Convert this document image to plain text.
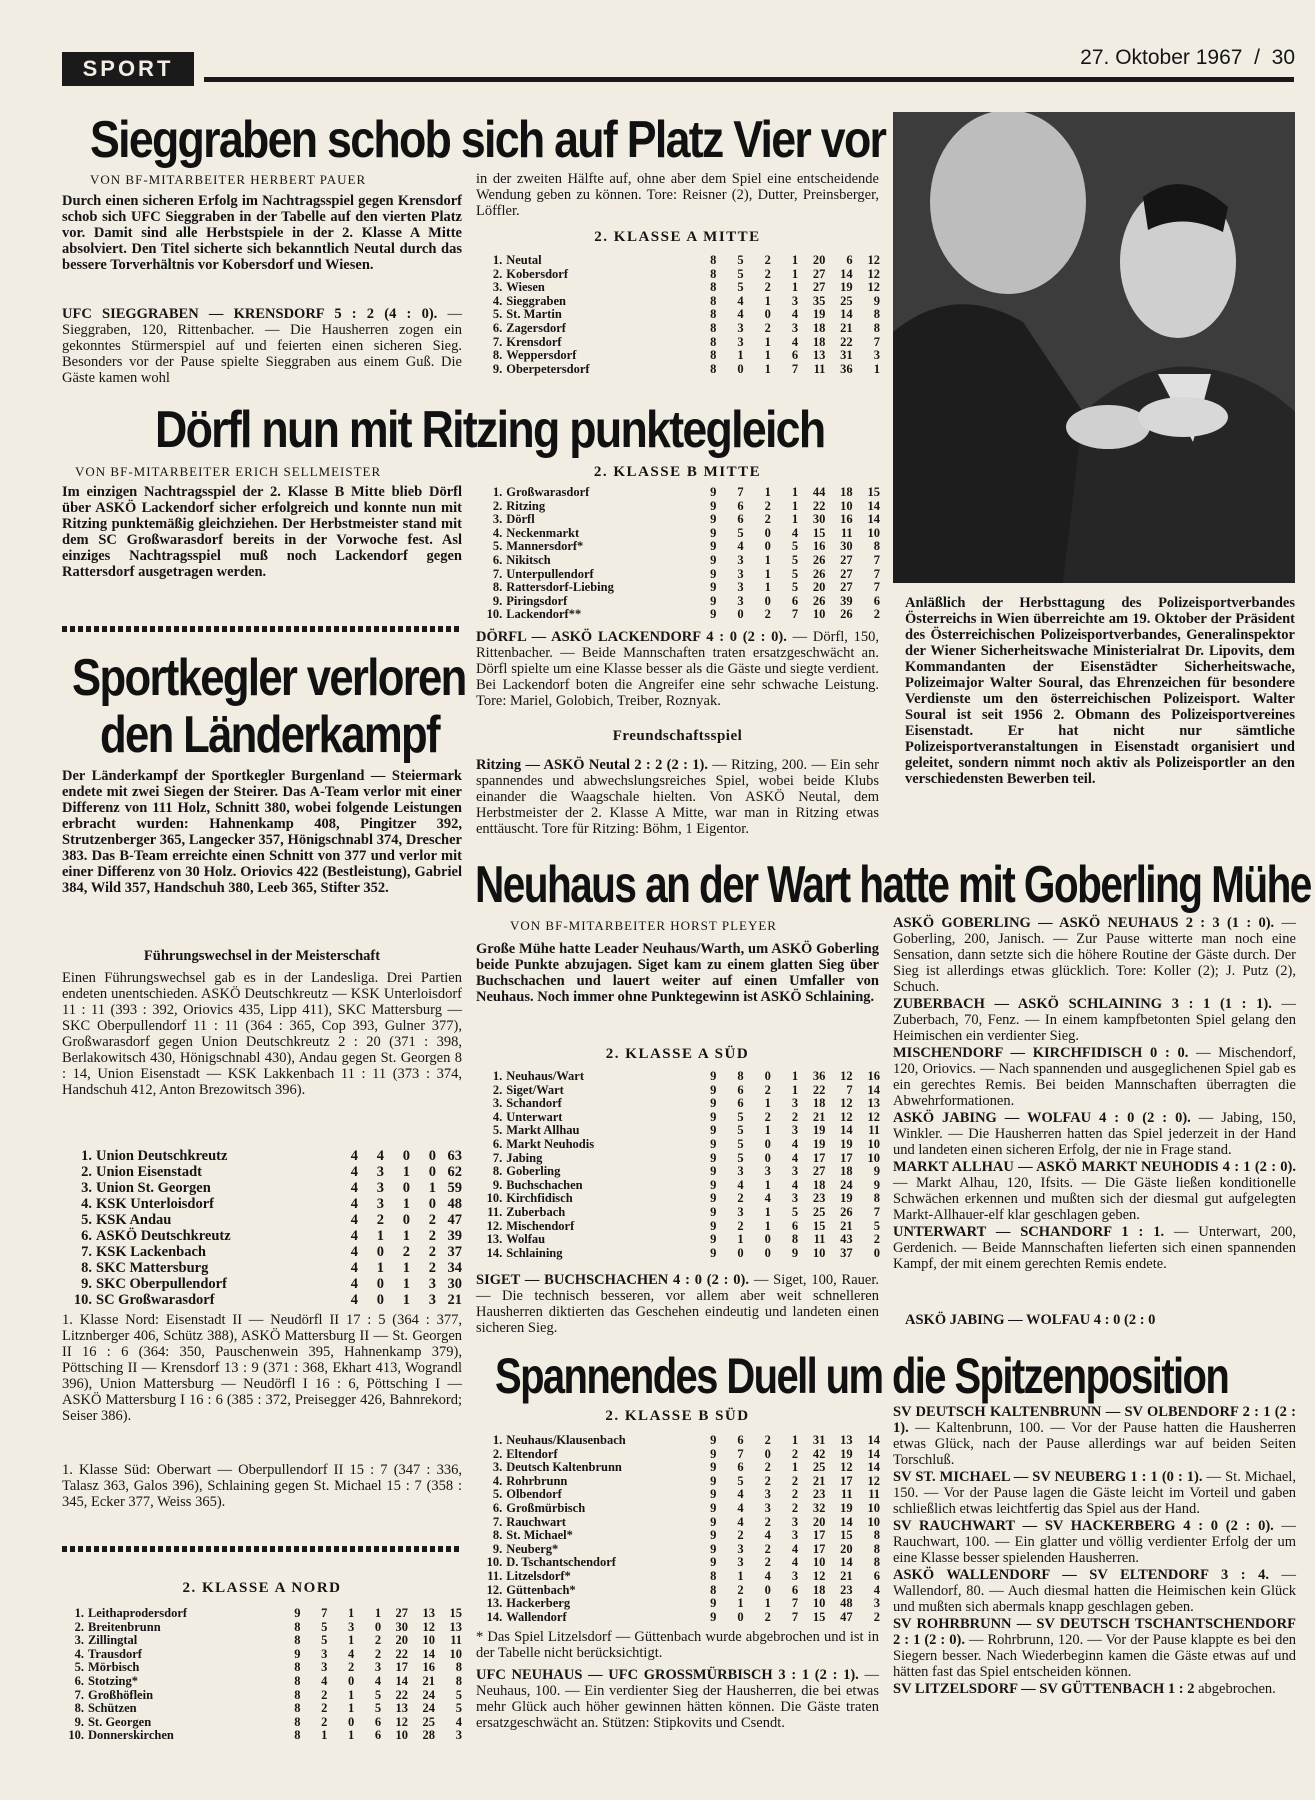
SPORT	27. Oktober 1967 / 30
Sieggraben schob sich auf Platz Vier vor
VON BF-MITARBEITER HERBERT PAUER
Durch einen sicheren Erfolg im Nachtragsspiel gegen Krensdorf schob sich UFC Sieggraben in der Tabelle auf den vierten Platz vor. Damit sind alle Herbstspiele in der 2. Klasse A Mitte absolviert. Den Titel sicherte sich bekanntlich Neutal durch das bessere Torverhältnis vor Kobersdorf und Wiesen.
UFC SIEGGRABEN — KRENSDORF 5 : 2 (4 : 0). — Sieggraben, 120, Rittenbacher. — Die Hausherren zogen ein gekonntes Stürmerspiel auf und feierten einen sicheren Sieg. Besonders vor der Pause spielte Sieggraben aus einem Guß. Die Gäste kamen wohl
in der zweiten Hälfte auf, ohne aber dem Spiel eine entscheidende Wendung geben zu können. Tore: Reisner (2), Dutter, Preinsberger, Löffler.
2. KLASSE A MITTE
1.	Neutal	8	5	2	1	20	6	12
2.	Kobersdorf	8	5	2	1	27	14	12
3.	Wiesen	8	5	2	1	27	19	12
4.	Sieggraben	8	4	1	3	35	25	9
5.	St. Martin	8	4	0	4	19	14	8
6.	Zagersdorf	8	3	2	3	18	21	8
7.	Krensdorf	8	3	1	4	18	22	7
8.	Weppersdorf	8	1	1	6	13	31	3
9.	Oberpetersdorf	8	0	1	7	11	36	1
Dörfl nun mit Ritzing punktegleich
VON BF-MITARBEITER ERICH SELLMEISTER
Im einzigen Nachtragsspiel der 2. Klasse B Mitte blieb Dörfl über ASKÖ Lackendorf sicher erfolgreich und konnte nun mit Ritzing punktemäßig gleichziehen. Der Herbstmeister stand mit dem SC Großwarasdorf bereits in der Vorwoche fest. Asl einziges Nachtragsspiel muß noch Lackendorf gegen Rattersdorf ausgetragen werden.
2. KLASSE B MITTE
1.	Großwarasdorf	9	7	1	1	44	18	15
2.	Ritzing	9	6	2	1	22	10	14
3.	Dörfl	9	6	2	1	30	16	14
4.	Neckenmarkt	9	5	0	4	15	11	10
5.	Mannersdorf*	9	4	0	5	16	30	8
6.	Nikitsch	9	3	1	5	26	27	7
7.	Unterpullendorf	9	3	1	5	26	27	7
8.	Rattersdorf-Liebing	9	3	1	5	20	27	7
9.	Piringsdorf	9	3	0	6	26	39	6
10.	Lackendorf**	9	0	2	7	10	26	2
DÖRFL — ASKÖ LACKENDORF 4 : 0 (2 : 0). — Dörfl, 150, Rittenbacher. — Beide Mannschaften traten ersatzgeschwächt an. Dörfl spielte um eine Klasse besser als die Gäste und siegte verdient. Bei Lackendorf boten die Angreifer eine sehr schwache Leistung. Tore: Mariel, Golobich, Treiber, Roznyak.
Freundschaftsspiel
Ritzing — ASKÖ Neutal 2 : 2 (2 : 1). — Ritzing, 200. — Ein sehr spannendes und abwechslungsreiches Spiel, wobei beide Klubs einander die Waagschale hielten. Von ASKÖ Neutal, dem Herbstmeister der 2. Klasse A Mitte, war man in Ritzing etwas enttäuscht. Tore für Ritzing: Böhm, 1 Eigentor.
Anläßlich der Herbsttagung des Polizeisportverbandes Österreichs in Wien überreichte am 19. Oktober der Präsident des Österreichischen Polizeisportverbandes, Generalinspektor der Wiener Sicherheitswache Ministerialrat Dr. Lipovits, dem Kommandanten der Eisenstädter Sicherheitswache, Polizeimajor Walter Soural, das Ehrenzeichen für besondere Verdienste um den österreichischen Polizeisport. Walter Soural ist seit 1956 2. Obmann des Polizeisportvereines Eisenstadt. Er hat nicht nur sämtliche Polizeisportveranstaltungen in Eisenstadt organisiert und geleitet, sondern nimmt noch aktiv als Polizeisportler an den verschiedensten Bewerben teil.
Sportkegler verloren
den Länderkampf
Der Länderkampf der Sportkegler Burgenland — Steiermark endete mit zwei Siegen der Steirer. Das A-Team verlor mit einer Differenz von 111 Holz, Schnitt 380, wobei folgende Leistungen erbracht wurden: Hahnenkamp 408, Pingitzer 392, Strutzenberger 365, Langecker 357, Hönigschnabl 374, Drescher 383. Das B-Team erreichte einen Schnitt von 377 und verlor mit einer Differenz von 30 Holz. Oriovics 422 (Bestleistung), Gabriel 384, Wild 357, Handschuh 380, Leeb 365, Stifter 352.
Führungswechsel in der Meisterschaft
Einen Führungswechsel gab es in der Landesliga. Drei Partien endeten unentschieden. ASKÖ Deutschkreutz — KSK Unterloisdorf 11 : 11 (393 : 392, Oriovics 435, Lipp 411), SKC Mattersburg — SKC Oberpullendorf 11 : 11 (364 : 365, Cop 393, Gulner 377), Großwarasdorf gegen Union Deutschkreutz 2 : 20 (371 : 398, Berlakowitsch 430, Hönigschnabl 430), Andau gegen St. Georgen 8 : 14, Union Eisenstadt — KSK Lakkenbach 11 : 11 (373 : 374, Handschuh 412, Anton Brezowitsch 396).
1.	Union Deutschkreutz	4	4	0	0	63
2.	Union Eisenstadt	4	3	1	0	62
3.	Union St. Georgen	4	3	0	1	59
4.	KSK Unterloisdorf	4	3	1	0	48
5.	KSK Andau	4	2	0	2	47
6.	ASKÖ Deutschkreutz	4	1	1	2	39
7.	KSK Lackenbach	4	0	2	2	37
8.	SKC Mattersburg	4	1	1	2	34
9.	SKC Oberpullendorf	4	0	1	3	30
10.	SC Großwarasdorf	4	0	1	3	21
1. Klasse Nord: Eisenstadt II — Neudörfl II 17 : 5 (364 : 377, Litznberger 406, Schütz 388), ASKÖ Mattersburg II — St. Georgen II 16 : 6 (364: 350, Pauschenwein 395, Hahnenkamp 379), Pöttsching II — Krensdorf 13 : 9 (371 : 368, Ekhart 413, Wograndl 396), Union Mattersburg — Neudörfl I 16 : 6, Pöttsching I — ASKÖ Mattersburg I 16 : 6 (385 : 372, Preisegger 426, Bahnrekord; Seiser 386).
1. Klasse Süd: Oberwart — Oberpullendorf II 15 : 7 (347 : 336, Talasz 363, Galos 396), Schlaining gegen St. Michael 15 : 7 (358 : 345, Ecker 377, Weiss 365).
2. KLASSE A NORD
1.	Leithaprodersdorf	9	7	1	1	27	13	15
2.	Breitenbrunn	8	5	3	0	30	12	13
3.	Zillingtal	8	5	1	2	20	10	11
4.	Trausdorf	9	3	4	2	22	14	10
5.	Mörbisch	8	3	2	3	17	16	8
6.	Stotzing*	8	4	0	4	14	21	8
7.	Großhöflein	8	2	1	5	22	24	5
8.	Schützen	8	2	1	5	13	24	5
9.	St. Georgen	8	2	0	6	12	25	4
10.	Donnerskirchen	8	1	1	6	10	28	3
Neuhaus an der Wart hatte mit Goberling Mühe
VON BF-MITARBEITER HORST PLEYER
Große Mühe hatte Leader Neuhaus/Warth, um ASKÖ Goberling beide Punkte abzujagen. Siget kam zu einem glatten Sieg über Buchschachen und lauert weiter auf einen Umfaller von Neuhaus. Noch immer ohne Punktegewinn ist ASKÖ Schlaining.
2. KLASSE A SÜD
1.	Neuhaus/Wart	9	8	0	1	36	12	16
2.	Siget/Wart	9	6	2	1	22	7	14
3.	Schandorf	9	6	1	3	18	12	13
4.	Unterwart	9	5	2	2	21	12	12
5.	Markt Allhau	9	5	1	3	19	14	11
6.	Markt Neuhodis	9	5	0	4	19	19	10
7.	Jabing	9	5	0	4	17	17	10
8.	Goberling	9	3	3	3	27	18	9
9.	Buchschachen	9	4	1	4	18	24	9
10.	Kirchfidisch	9	2	4	3	23	19	8
11.	Zuberbach	9	3	1	5	25	26	7
12.	Mischendorf	9	2	1	6	15	21	5
13.	Wolfau	9	1	0	8	11	43	2
14.	Schlaining	9	0	0	9	10	37	0
SIGET — BUCHSCHACHEN 4 : 0 (2 : 0). — Siget, 100, Rauer. — Die technisch besseren, vor allem aber weit schnelleren Hausherren diktierten das Geschehen eindeutig und landeten einen sicheren Sieg.

ASKÖ GOBERLING — ASKÖ NEUHAUS 2 : 3 (1 : 0). — Goberling, 200, Janisch. — Zur Pause witterte man noch eine Sensation, dann setzte sich die höhere Routine der Gäste durch. Der Sieg ist allerdings etwas glücklich. Tore: Koller (2); J. Putz (2), Schuch.

ZUBERBACH — ASKÖ SCHLAINING 3 : 1 (1 : 1). — Zuberbach, 70, Fenz. — In einem kampfbetonten Spiel gelang den Heimischen ein verdienter Sieg.

MISCHENDORF — KIRCHFIDISCH 0 : 0. — Mischendorf, 120, Oriovics. — Nach spannenden und ausgeglichenen Spiel gab es ein gerechtes Remis. Bei beiden Mannschaften überragten die Abwehrformationen.

ASKÖ JABING — WOLFAU 4 : 0 (2 : 0). — Jabing, 150, Winkler. — Die Hausherren hatten das Spiel jederzeit in der Hand und landeten einen sicheren Erfolg, der nie in Frage stand.

MARKT ALLHAU — ASKÖ MARKT NEUHODIS 4 : 1 (2 : 0). — Markt Alhau, 120, Ifsits. — Die Gäste ließen konditionelle Schwächen erkennen und mußten sich der diesmal gut aufgelegten Markt-Allhauer-elf klar geschlagen geben.

UNTERWART — SCHANDORF 1 : 1. — Unterwart, 200, Gerdenich. — Beide Mannschaften lieferten sich einen spannenden Kampf, der mit einem gerechten Remis endete.

ASKÖ JABING — WOLFAU 4 : 0 (2 : 0
Spannendes Duell um die Spitzenposition
2. KLASSE B SÜD
1.	Neuhaus/Klausenbach	9	6	2	1	31	13	14
2.	Eltendorf	9	7	0	2	42	19	14
3.	Deutsch Kaltenbrunn	9	6	2	1	25	12	14
4.	Rohrbrunn	9	5	2	2	21	17	12
5.	Olbendorf	9	4	3	2	23	11	11
6.	Großmürbisch	9	4	3	2	32	19	10
7.	Rauchwart	9	4	2	3	20	14	10
8.	St. Michael*	9	2	4	3	17	15	8
9.	Neuberg*	9	3	2	4	17	20	8
10.	D. Tschantschendorf	9	3	2	4	10	14	8
11.	Litzelsdorf*	8	1	4	3	12	21	6
12.	Güttenbach*	8	2	0	6	18	23	4
13.	Hackerberg	9	1	1	7	10	48	3
14.	Wallendorf	9	0	2	7	15	47	2
* Das Spiel Litzelsdorf — Güttenbach wurde abgebrochen und ist in der Tabelle nicht berücksichtigt.
UFC NEUHAUS — UFC GROSSMÜRBISCH 3 : 1 (2 : 1). — Neuhaus, 100. — Ein verdienter Sieg der Hausherren, die bei etwas mehr Glück auch höher gewinnen hätten können. Die Gäste traten ersatzgeschwächt an. Stützen: Stipkovits und Csendt.

SV DEUTSCH KALTENBRUNN — SV OLBENDORF 2 : 1 (2 : 1). — Kaltenbrunn, 100. — Vor der Pause hatten die Hausherren etwas Glück, nach der Pause allerdings war auf beiden Seiten Torschluß.

SV ST. MICHAEL — SV NEUBERG 1 : 1 (0 : 1). — St. Michael, 150. — Vor der Pause lagen die Gäste leicht im Vorteil und gaben schließlich etwas leichtfertig das Spiel aus der Hand.

SV RAUCHWART — SV HACKERBERG 4 : 0 (2 : 0). — Rauchwart, 100. — Ein glatter und völlig verdienter Erfolg der um eine Klasse besser spielenden Hausherren.

ASKÖ WALLENDORF — SV ELTENDORF 3 : 4. — Wallendorf, 80. — Auch diesmal hatten die Heimischen kein Glück und mußten sich abermals knapp geschlagen geben.

SV ROHRBRUNN — SV DEUTSCH TSCHANTSCHENDORF 2 : 1 (2 : 0). — Rohrbrunn, 120. — Vor der Pause klappte es bei den Siegern besser. Nach Wiederbeginn kamen die Gäste etwas auf und hätten fast das Spiel entscheiden können.

SV LITZELSDORF — SV GÜTTENBACH 1 : 2 abgebrochen.
